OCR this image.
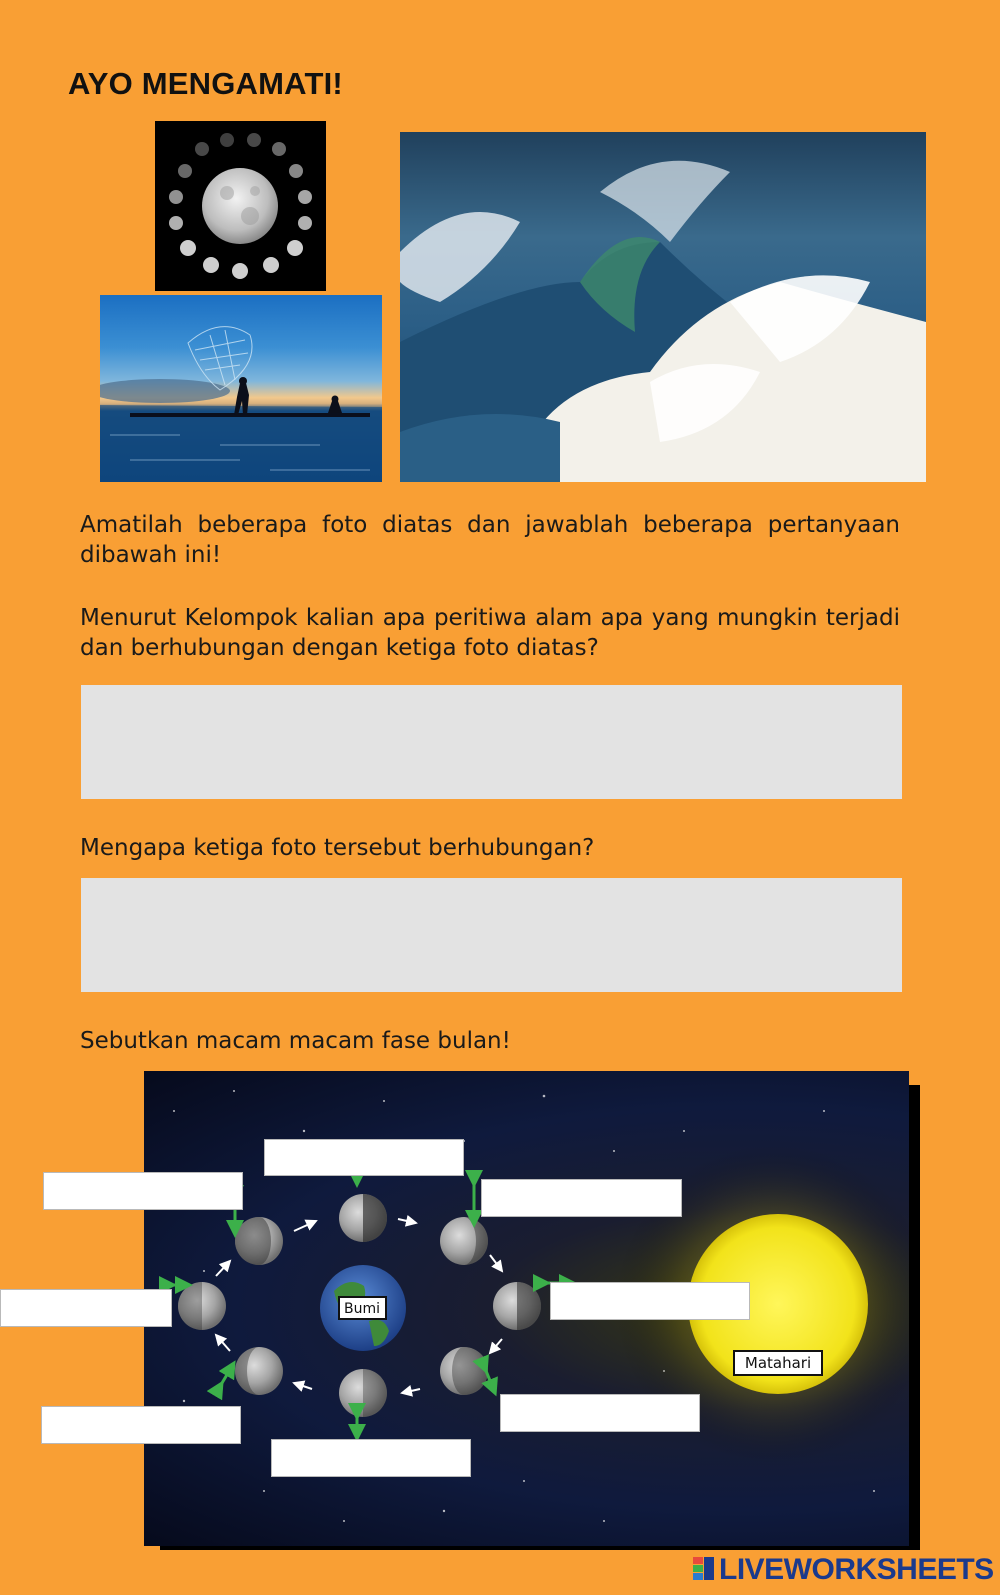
AYO MENGAMATI!
Amatilah beberapa foto diatas dan jawablah beberapa pertanyaan dibawah ini!
Menurut Kelompok kalian apa peritiwa alam apa yang mungkin terjadi dan berhubungan dengan ketiga foto diatas?
Mengapa ketiga foto tersebut berhubungan?
Sebutkan macam macam fase bulan!
Matahari
Bumi
LIVEWORKSHEETS
